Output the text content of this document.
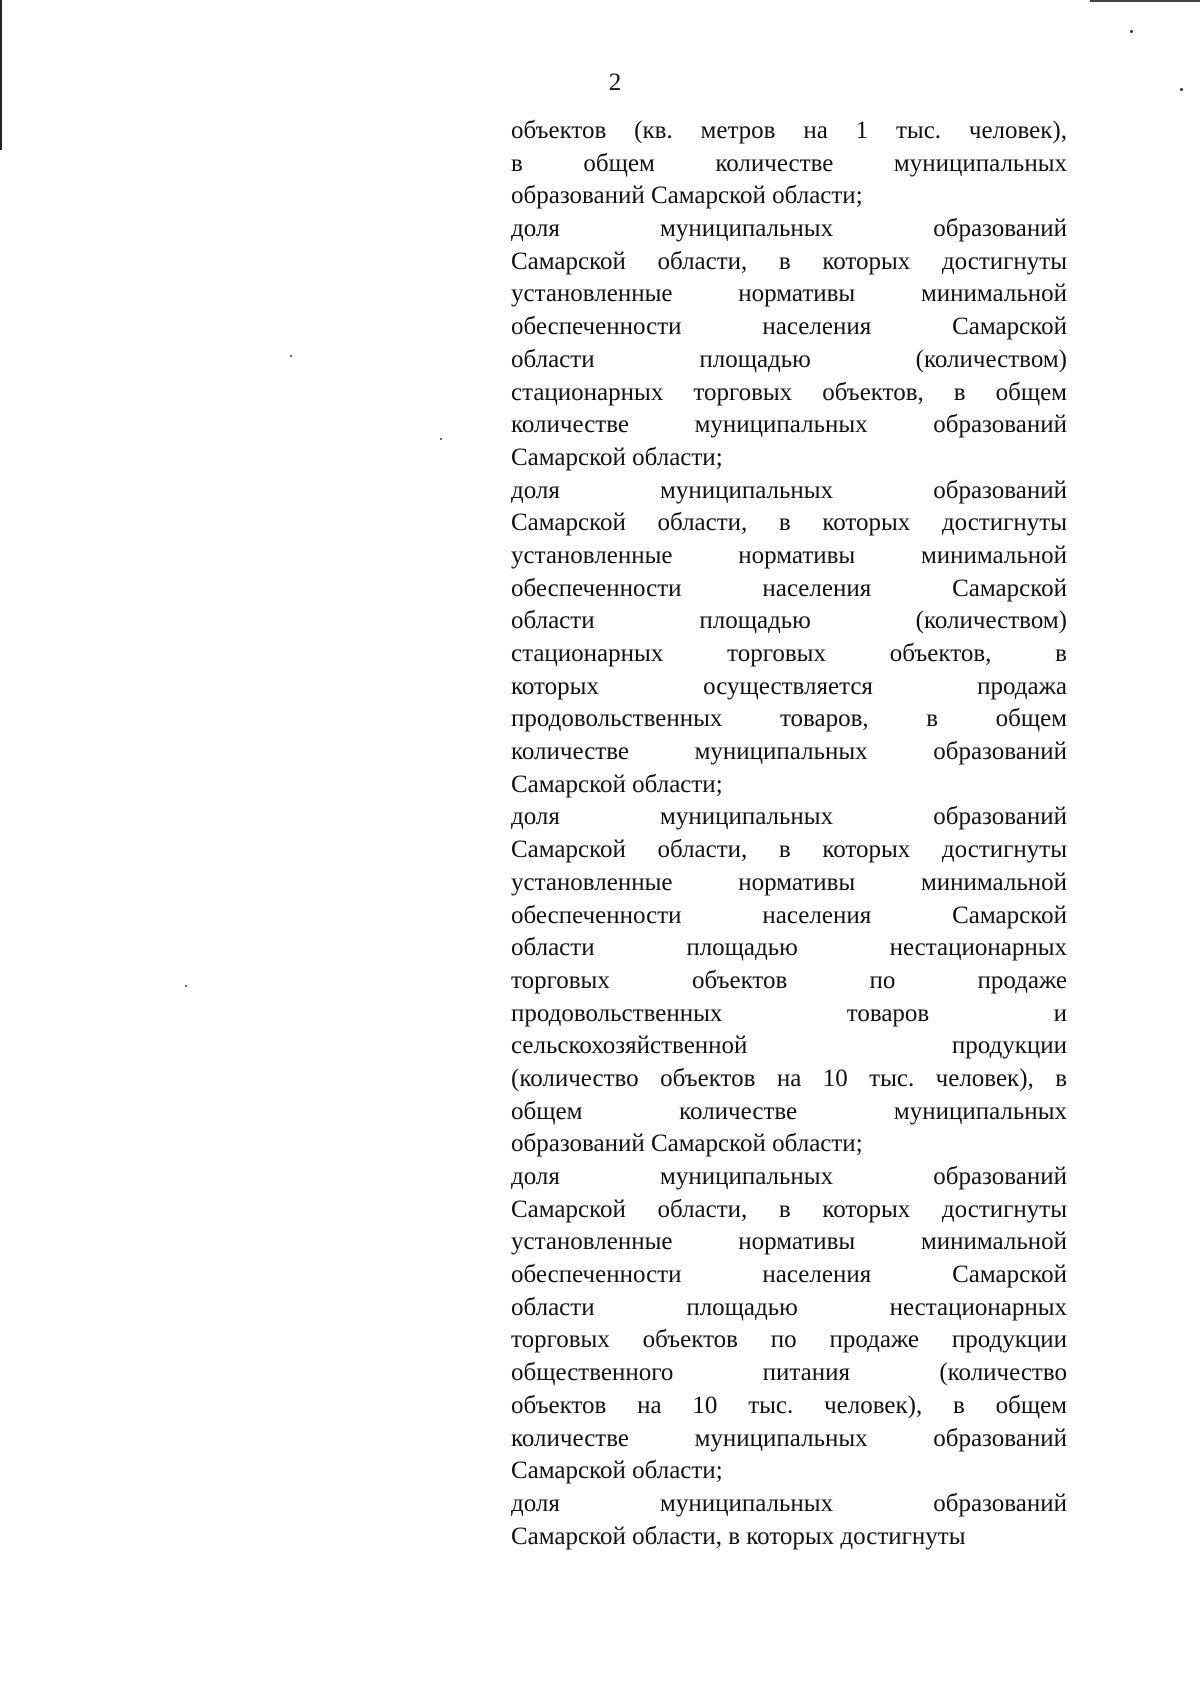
2
объектов (кв. метров на 1 тыс. человек),
в общем количестве муниципальных
образований Самарской области;
доля муниципальных образований
Самарской области, в которых достигнуты
установленные нормативы минимальной
обеспеченности населения Самарской
области площадью (количеством)
стационарных торговых объектов, в общем
количестве муниципальных образований
Самарской области;
доля муниципальных образований
Самарской области, в которых достигнуты
установленные нормативы минимальной
обеспеченности населения Самарской
области площадью (количеством)
стационарных торговых объектов, в
которых осуществляется продажа
продовольственных товаров, в общем
количестве муниципальных образований
Самарской области;
доля муниципальных образований
Самарской области, в которых достигнуты
установленные нормативы минимальной
обеспеченности населения Самарской
области площадью нестационарных
торговых объектов по продаже
продовольственных товаров и
сельскохозяйственной продукции
(количество объектов на 10 тыс. человек), в
общем количестве муниципальных
образований Самарской области;
доля муниципальных образований
Самарской области, в которых достигнуты
установленные нормативы минимальной
обеспеченности населения Самарской
области площадью нестационарных
торговых объектов по продаже продукции
общественного питания (количество
объектов на 10 тыс. человек), в общем
количестве муниципальных образований
Самарской области;
доля муниципальных образований
Самарской области, в которых достигнуты
